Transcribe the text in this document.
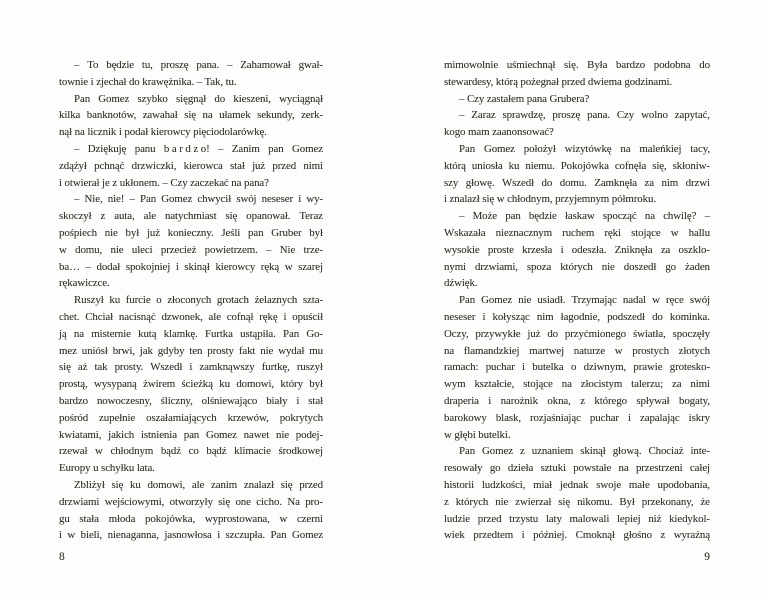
– To będzie tu, proszę pana. – Zahamował gwał-
townie i zjechał do krawężnika. – Tak, tu.
Pan Gomez szybko sięgnął do kieszeni, wyciągnął
kilka banknotów, zawahał się na ułamek sekundy, zerk-
nął na licznik i podał kierowcy pięciodolarówkę.
– Dziękuję panu b a r d z o! – Zanim pan Gomez
zdążył pchnąć drzwiczki, kierowca stał już przed nimi
i otwierał je z ukłonem. – Czy zaczekać na pana?
– Nie, nie! – Pan Gomez chwycił swój neseser i wy-
skoczył z auta, ale natychmiast się opanował. Teraz
pośpiech nie był już konieczny. Jeśli pan Gruber był
w domu, nie uleci przecież powietrzem. – Nie trze-
ba… – dodał spokojniej i skinął kierowcy ręką w szarej
rękawiczce.
Ruszył ku furcie o złoconych grotach żelaznych szta-
chet. Chciał nacisnąć dzwonek, ale cofnął rękę i opuścił
ją na misternie kutą klamkę. Furtka ustąpiła. Pan Go-
mez uniósł brwi, jak gdyby ten prosty fakt nie wydał mu
się aż tak prosty. Wszedł i zamknąwszy furtkę, ruszył
prostą, wysypaną żwirem ścieżką ku domowi, który był
bardzo nowoczesny, śliczny, olśniewająco biały i stał
pośród zupełnie oszałamiających krzewów, pokrytych
kwiatami, jakich istnienia pan Gomez nawet nie podej-
rzewał w chłodnym bądź co bądź klimacie środkowej
Europy u schyłku lata.
Zbliżył się ku domowi, ale zanim znalazł się przed
drzwiami wejściowymi, otworzyły się one cicho. Na pro-
gu stała młoda pokojówka, wyprostowana, w czerni
i w bieli, nienaganna, jasnowłosa i szczupła. Pan Gomez
8
mimowolnie uśmiechnął się. Była bardzo podobna do
stewardesy, którą pożegnał przed dwiema godzinami.
– Czy zastałem pana Grubera?
– Zaraz sprawdzę, proszę pana. Czy wolno zapytać,
kogo mam zaanonsować?
Pan Gomez położył wizytówkę na maleńkiej tacy,
którą uniosła ku niemu. Pokojówka cofnęła się, skłoniw-
szy głowę. Wszedł do domu. Zamknęła za nim drzwi
i znalazł się w chłodnym, przyjemnym półmroku.
– Może pan będzie łaskaw spocząć na chwilę? –
Wskazała nieznacznym ruchem ręki stojące w hallu
wysokie proste krzesła i odeszła. Zniknęła za oszklo-
nymi drzwiami, spoza których nie doszedł go żaden
dźwięk.
Pan Gomez nie usiadł. Trzymając nadal w ręce swój
neseser i kołysząc nim łagodnie, podszedł do kominka.
Oczy, przywykłe już do przyćmionego światła, spoczęły
na flamandzkiej martwej naturze w prostych złotych
ramach: puchar i butelka o dziwnym, prawie grotesko-
wym kształcie, stojące na złocistym talerzu; za nimi
draperia i narożnik okna, z którego spływał bogaty,
barokowy blask, rozjaśniając puchar i zapalając iskry
w głębi butelki.
Pan Gomez z uznaniem skinął głową. Chociaż inte-
resowały go dzieła sztuki powstałe na przestrzeni całej
historii ludzkości, miał jednak swoje małe upodobania,
z których nie zwierzał się nikomu. Był przekonany, że
ludzie przed trzystu laty malowali lepiej niż kiedykol-
wiek przedtem i później. Cmoknął głośno z wyraźną
9
